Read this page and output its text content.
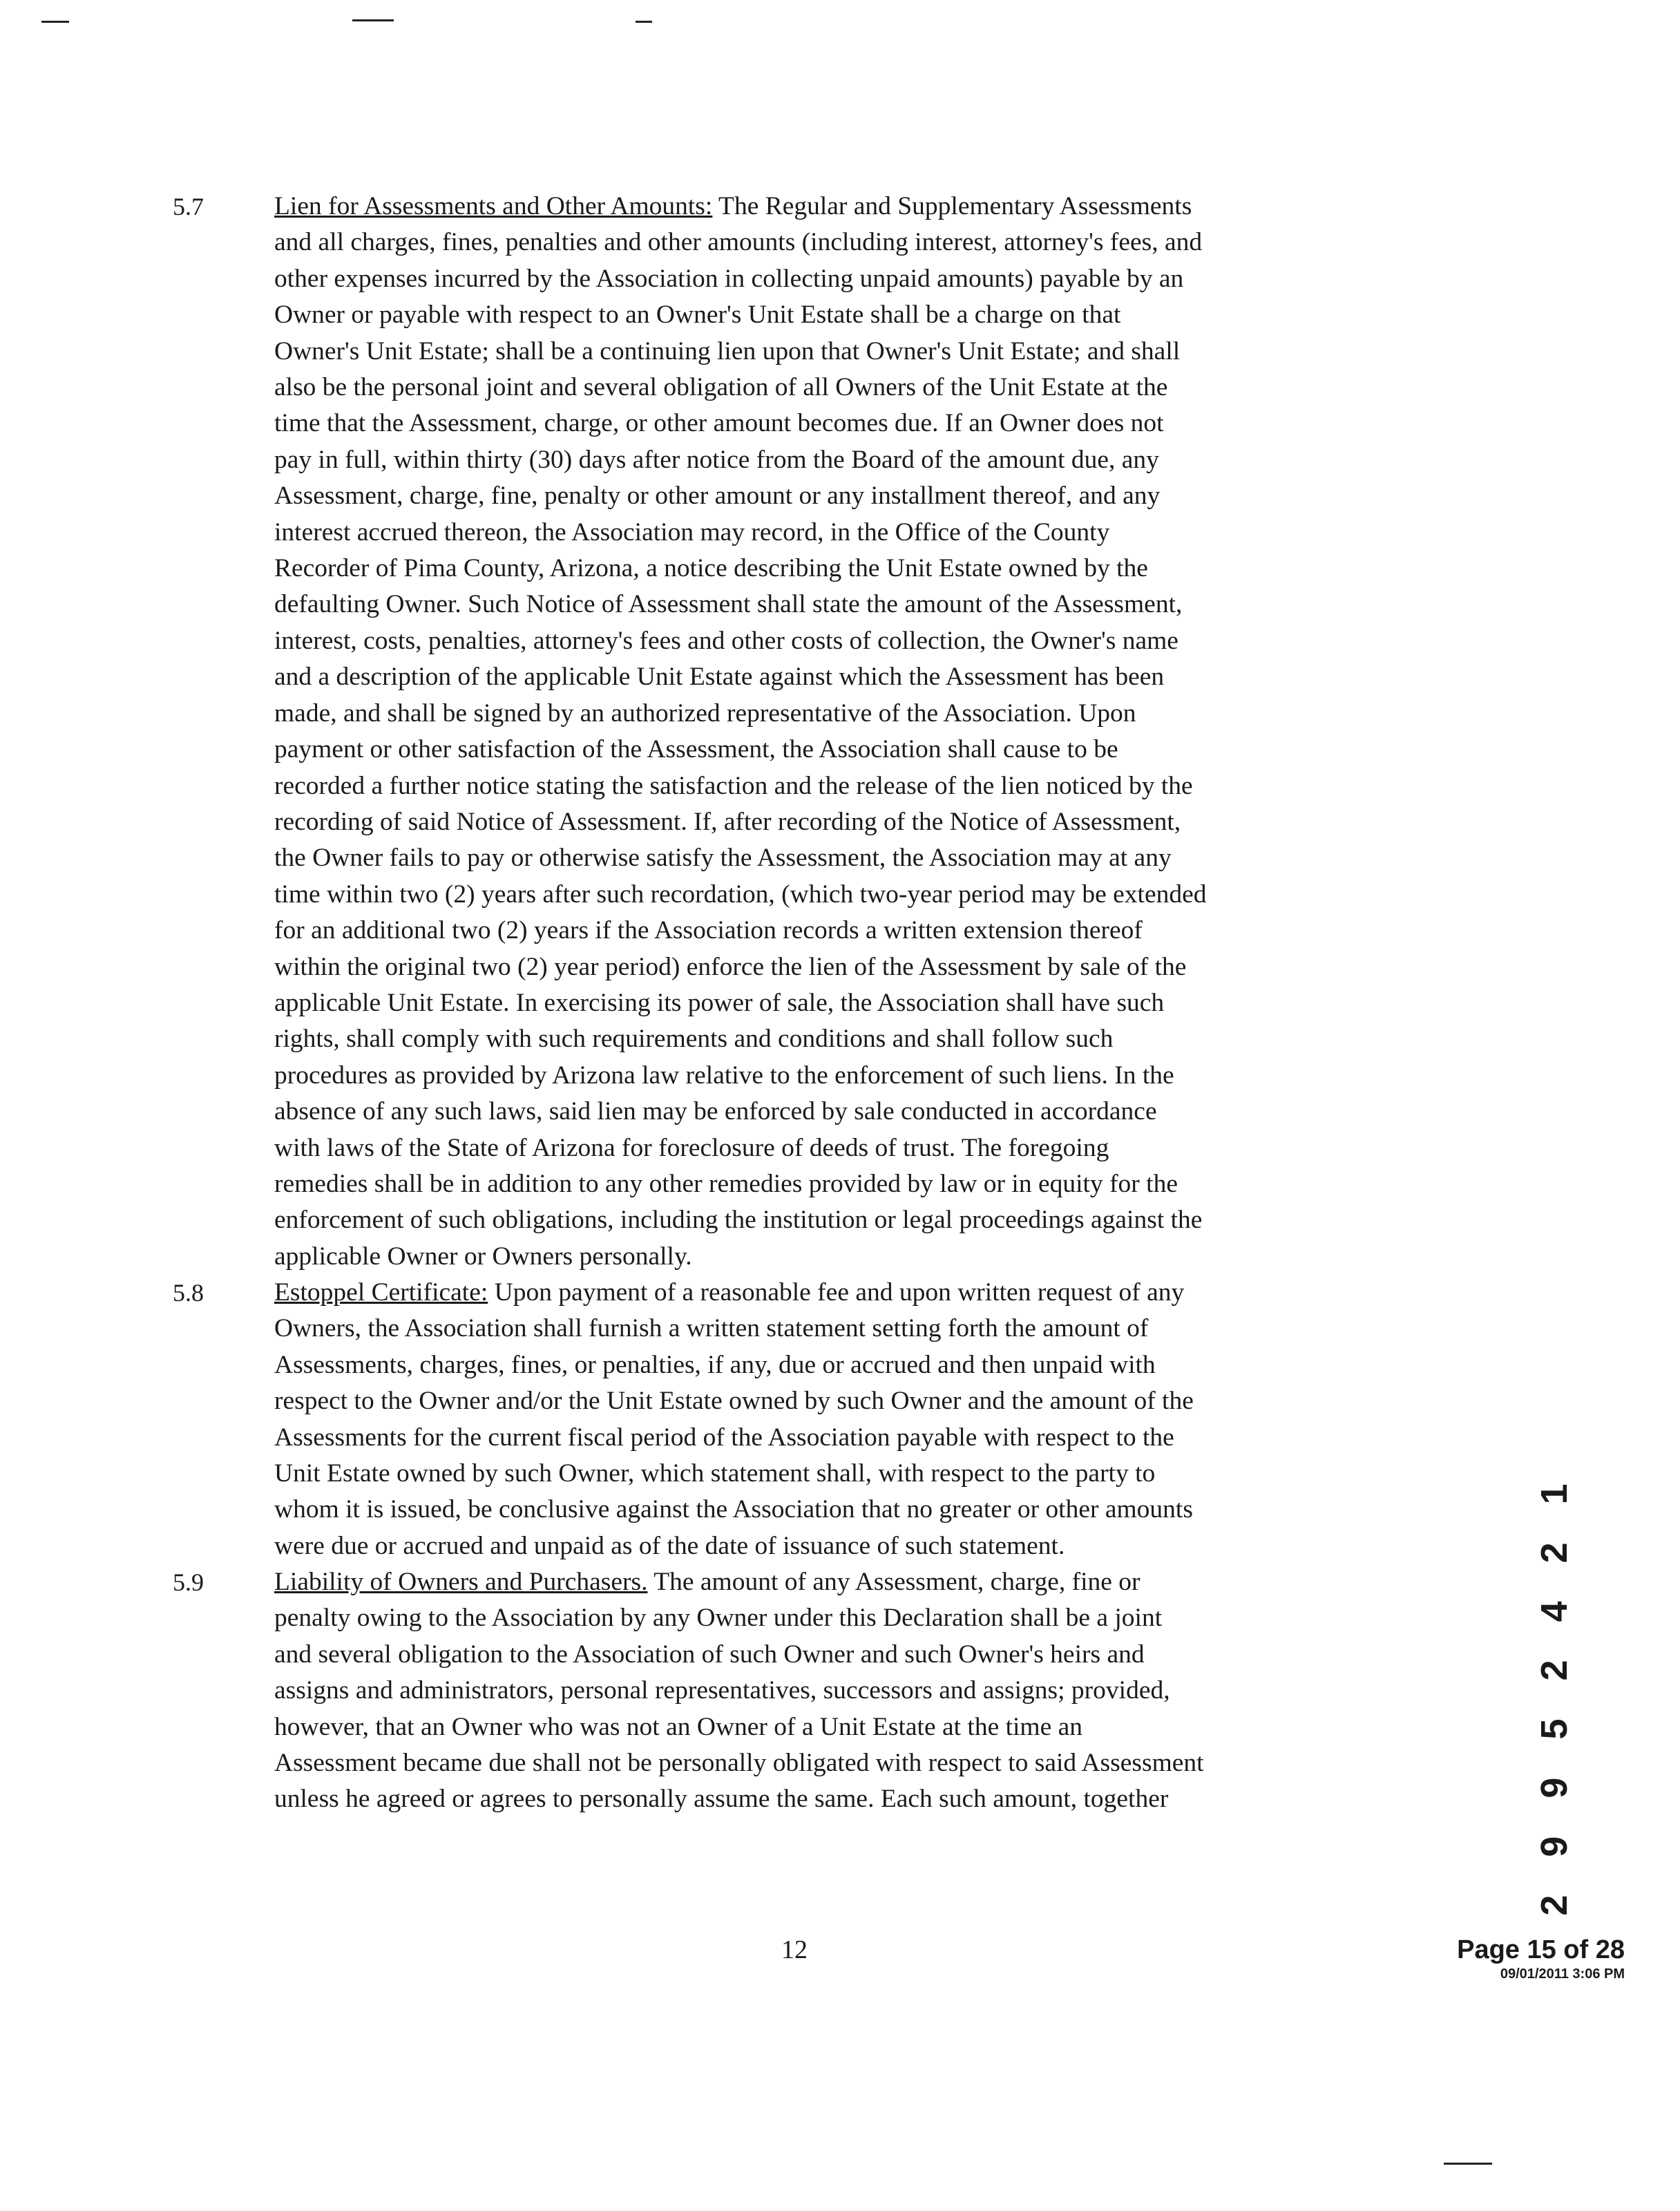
5.7	Lien for Assessments and Other Amounts: The Regular and Supplementary Assessments
and all charges, fines, penalties and other amounts (including interest, attorney's fees, and
other expenses incurred by the Association in collecting unpaid amounts) payable by an
Owner or payable with respect to an Owner's Unit Estate shall be a charge on that
Owner's Unit Estate; shall be a continuing lien upon that Owner's Unit Estate; and shall
also be the personal joint and several obligation of all Owners of the Unit Estate at the
time that the Assessment, charge, or other amount becomes due. If an Owner does not
pay in full, within thirty (30) days after notice from the Board of the amount due, any
Assessment, charge, fine, penalty or other amount or any installment thereof, and any
interest accrued thereon, the Association may record, in the Office of the County
Recorder of Pima County, Arizona, a notice describing the Unit Estate owned by the
defaulting Owner. Such Notice of Assessment shall state the amount of the Assessment,
interest, costs, penalties, attorney's fees and other costs of collection, the Owner's name
and a description of the applicable Unit Estate against which the Assessment has been
made, and shall be signed by an authorized representative of the Association. Upon
payment or other satisfaction of the Assessment, the Association shall cause to be
recorded a further notice stating the satisfaction and the release of the lien noticed by the
recording of said Notice of Assessment. If, after recording of the Notice of Assessment,
the Owner fails to pay or otherwise satisfy the Assessment, the Association may at any
time within two (2) years after such recordation, (which two-year period may be extended
for an additional two (2) years if the Association records a written extension thereof
within the original two (2) year period) enforce the lien of the Assessment by sale of the
applicable Unit Estate. In exercising its power of sale, the Association shall have such
rights, shall comply with such requirements and conditions and shall follow such
procedures as provided by Arizona law relative to the enforcement of such liens. In the
absence of any such laws, said lien may be enforced by sale conducted in accordance
with laws of the State of Arizona for foreclosure of deeds of trust. The foregoing
remedies shall be in addition to any other remedies provided by law or in equity for the
enforcement of such obligations, including the institution or legal proceedings against the
applicable Owner or Owners personally.
5.8	Estoppel Certificate: Upon payment of a reasonable fee and upon written request of any
Owners, the Association shall furnish a written statement setting forth the amount of
Assessments, charges, fines, or penalties, if any, due or accrued and then unpaid with
respect to the Owner and/or the Unit Estate owned by such Owner and the amount of the
Assessments for the current fiscal period of the Association payable with respect to the
Unit Estate owned by such Owner, which statement shall, with respect to the party to
whom it is issued, be conclusive against the Association that no greater or other amounts
were due or accrued and unpaid as of the date of issuance of such statement.
5.9	Liability of Owners and Purchasers. The amount of any Assessment, charge, fine or
penalty owing to the Association by any Owner under this Declaration shall be a joint
and several obligation to the Association of such Owner and such Owner's heirs and
assigns and administrators, personal representatives, successors and assigns; provided,
however, that an Owner who was not an Owner of a Unit Estate at the time an
Assessment became due shall not be personally obligated with respect to said Assessment
unless he agreed or agrees to personally assume the same. Each such amount, together	2 9 9 5 2 4 2 1
12	Page 15 of 28
09/01/2011 3:06 PM
